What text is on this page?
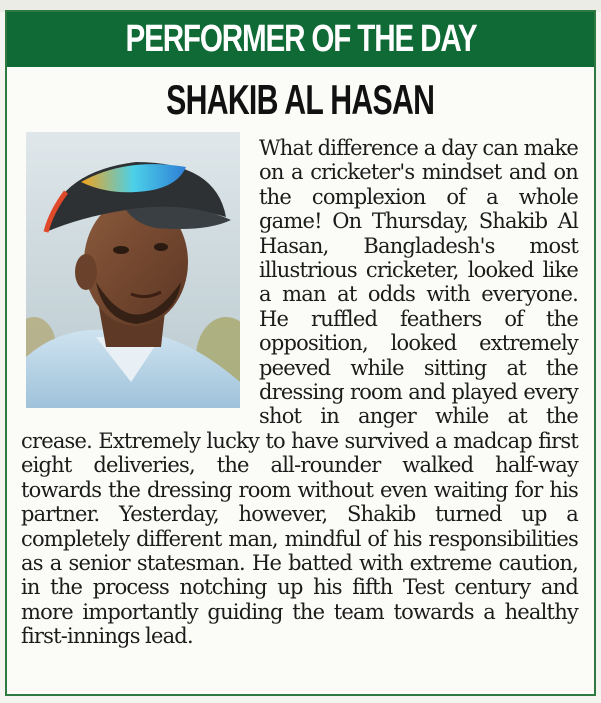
PERFORMER OF THE DAY
SHAKIB AL HASAN

What difference a day can make on a cricketer's mindset and on the complexion of a whole game! On Thursday, Shakib Al Hasan, Bangladesh's most illustrious cricketer, looked like a man at odds with everyone. He ruffled feathers of the opposition, looked extremely peeved while sitting at the dressing room and played every shot in anger while at the crease. Extremely lucky to have survived a madcap first eight deliveries, the all-rounder walked half-way towards the dressing room without even waiting for his partner. Yesterday, however, Shakib turned up a completely different man, mindful of his responsibilities as a senior statesman. He batted with extreme caution, in the process notching up his fifth Test century and more importantly guiding the team towards a healthy first-innings lead.
